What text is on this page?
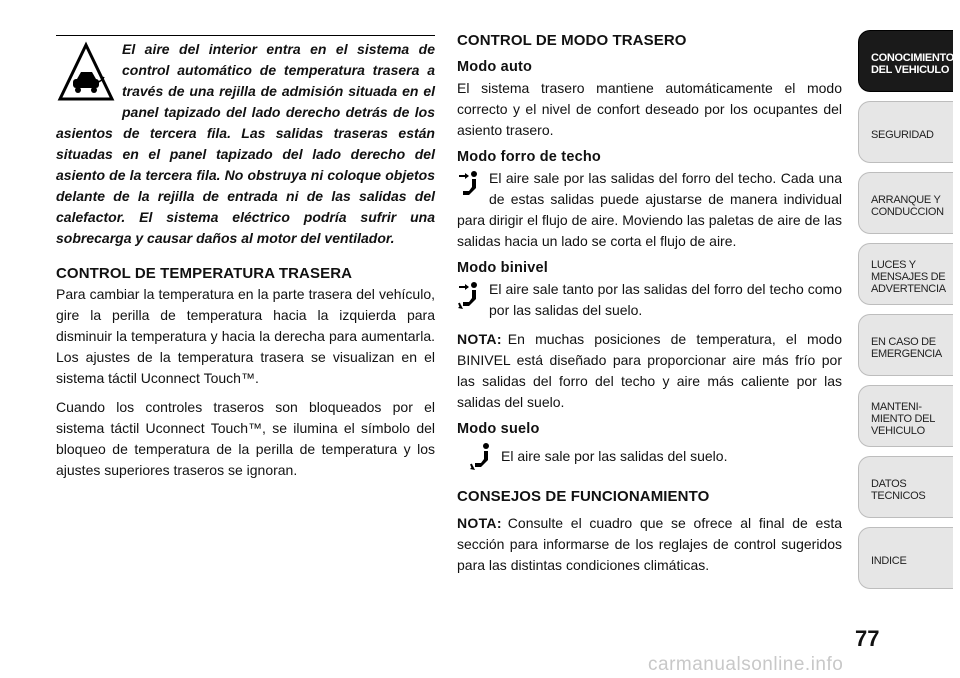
El aire del interior entra en el sistema de control automático de temperatura trasera a través de una rejilla de admisión situada en el panel tapizado del lado derecho detrás de los asientos de tercera fila. Las salidas traseras están situadas en el panel tapizado del lado derecho del asiento de la tercera fila. No obstruya ni coloque objetos delante de la rejilla de entrada ni de las salidas del calefactor. El sistema eléctrico podría sufrir una sobrecarga y causar daños al motor del ventilador.

CONTROL DE TEMPERATURA TRASERA

Para cambiar la temperatura en la parte trasera del vehículo, gire la perilla de temperatura hacia la izquierda para disminuir la temperatura y hacia la derecha para aumentarla. Los ajustes de la temperatura trasera se visualizan en el sistema táctil Uconnect Touch™.

Cuando los controles traseros son bloqueados por el sistema táctil Uconnect Touch™, se ilumina el símbolo del bloqueo de temperatura de la perilla de temperatura y los ajustes superiores traseros se ignoran.

CONTROL DE MODO TRASERO
Modo auto

El sistema trasero mantiene automáticamente el modo correcto y el nivel de confort deseado por los ocupantes del asiento trasero.

Modo forro de techo

El aire sale por las salidas del forro del techo. Cada una de estas salidas puede ajustarse de manera individual para dirigir el flujo de aire. Moviendo las paletas de aire de las salidas hacia un lado se corta el flujo de aire.

Modo binivel

El aire sale tanto por las salidas del forro del techo como por las salidas del suelo.

NOTA: En muchas posiciones de temperatura, el modo BINIVEL está diseñado para proporcionar aire más frío por las salidas del forro del techo y aire más caliente por las salidas del suelo.

Modo suelo

El aire sale por las salidas del suelo.

CONSEJOS DE FUNCIONAMIENTO

NOTA: Consulte el cuadro que se ofrece al final de esta sección para informarse de los reglajes de control sugeridos para las distintas condiciones climáticas.

CONOCIMIENTO DEL VEHICULO
SEGURIDAD
ARRANQUE Y CONDUCCION
LUCES Y MENSAJES DE ADVERTENCIA
EN CASO DE EMERGENCIA
MANTENI- MIENTO DEL VEHICULO
DATOS TECNICOS
INDICE
77
carmanualsonline.info
